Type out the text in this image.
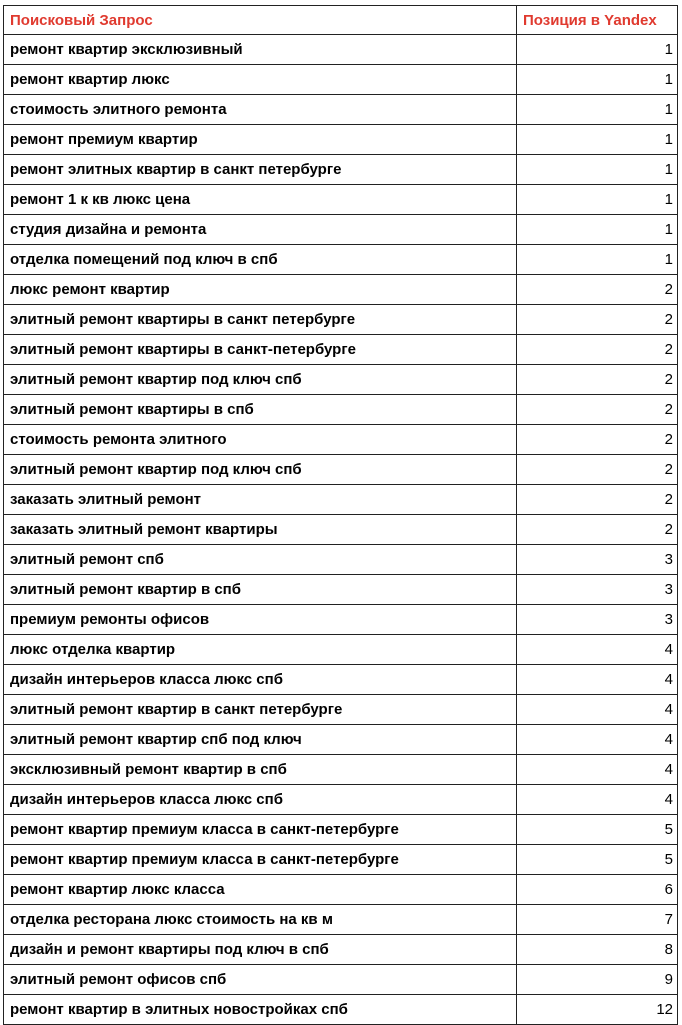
Поисковый Запрос	Позиция в Yandex
ремонт квартир эксклюзивный	1
ремонт квартир люкс	1
стоимость элитного ремонта	1
ремонт премиум квартир	1
ремонт элитных квартир в санкт петербурге	1
ремонт 1 к кв люкс цена	1
студия дизайна и ремонта	1
отделка помещений под ключ в спб	1
люкс ремонт квартир	2
элитный ремонт квартиры в санкт петербурге	2
элитный ремонт квартиры в санкт-петербурге	2
элитный ремонт квартир под ключ спб	2
элитный ремонт квартиры в спб	2
стоимость ремонта элитного	2
элитный ремонт квартир под ключ спб	2
заказать элитный ремонт	2
заказать элитный ремонт квартиры	2
элитный ремонт спб	3
элитный ремонт квартир в спб	3
премиум ремонты офисов	3
люкс отделка квартир	4
дизайн интерьеров класса люкс спб	4
элитный ремонт квартир в санкт петербурге	4
элитный ремонт квартир спб под ключ	4
эксклюзивный ремонт квартир в спб	4
дизайн интерьеров класса люкс спб	4
ремонт квартир премиум класса в санкт-петербурге	5
ремонт квартир премиум класса в санкт-петербурге	5
ремонт квартир люкс класса	6
отделка ресторана люкс стоимость на кв м	7
дизайн и ремонт квартиры под ключ в спб	8
элитный ремонт офисов спб	9
ремонт квартир в элитных новостройках спб	12
